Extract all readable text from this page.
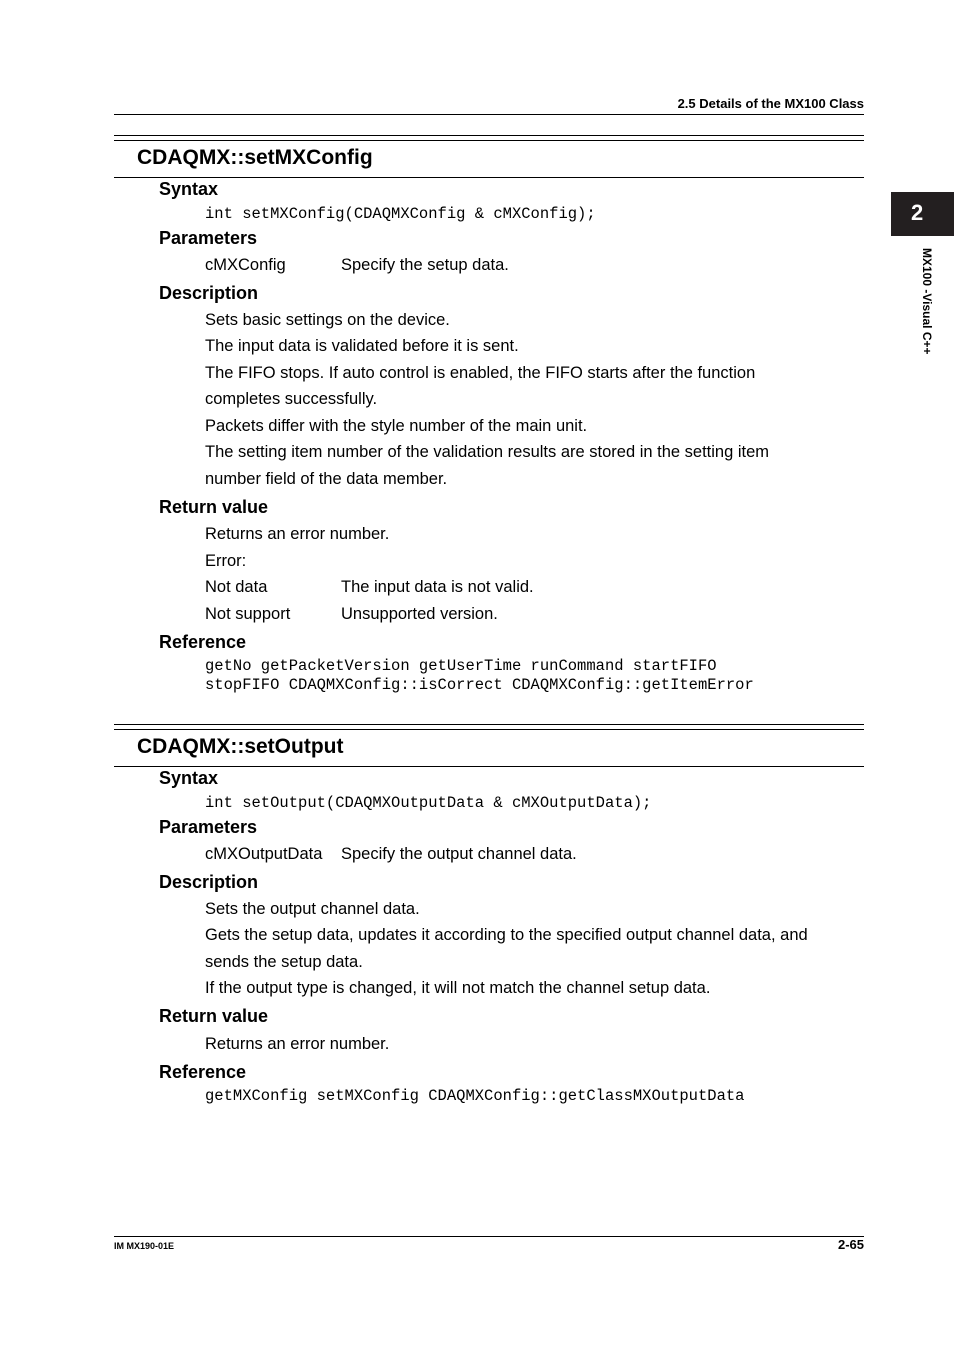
2.5 Details of the MX100 Class
2
MX100 -Visual C++
CDAQMX::setMXConfig
Syntax
int setMXConfig(CDAQMXConfig & cMXConfig);
Parameters
cMXConfig	Specify the setup data.
Description
Sets basic settings on the device.
The input data is validated before it is sent.
The FIFO stops. If auto control is enabled, the FIFO starts after the function
completes successfully.
Packets differ with the style number of the main unit.
The setting item number of the validation results are stored in the setting item
number field of the data member.
Return value
Returns an error number.
Error:
Not data	The input data is not valid.
Not support	Unsupported version.
Reference
getNo getPacketVersion getUserTime runCommand startFIFO
stopFIFO CDAQMXConfig::isCorrect CDAQMXConfig::getItemError
CDAQMX::setOutput
Syntax
int setOutput(CDAQMXOutputData & cMXOutputData);
Parameters
cMXOutputData Specify the output channel data.
Description
Sets the output channel data.
Gets the setup data, updates it according to the specified output channel data, and
sends the setup data.
If the output type is changed, it will not match the channel setup data.
Return value
Returns an error number.
Reference
getMXConfig setMXConfig CDAQMXConfig::getClassMXOutputData
IM MX190-01E	2-65
